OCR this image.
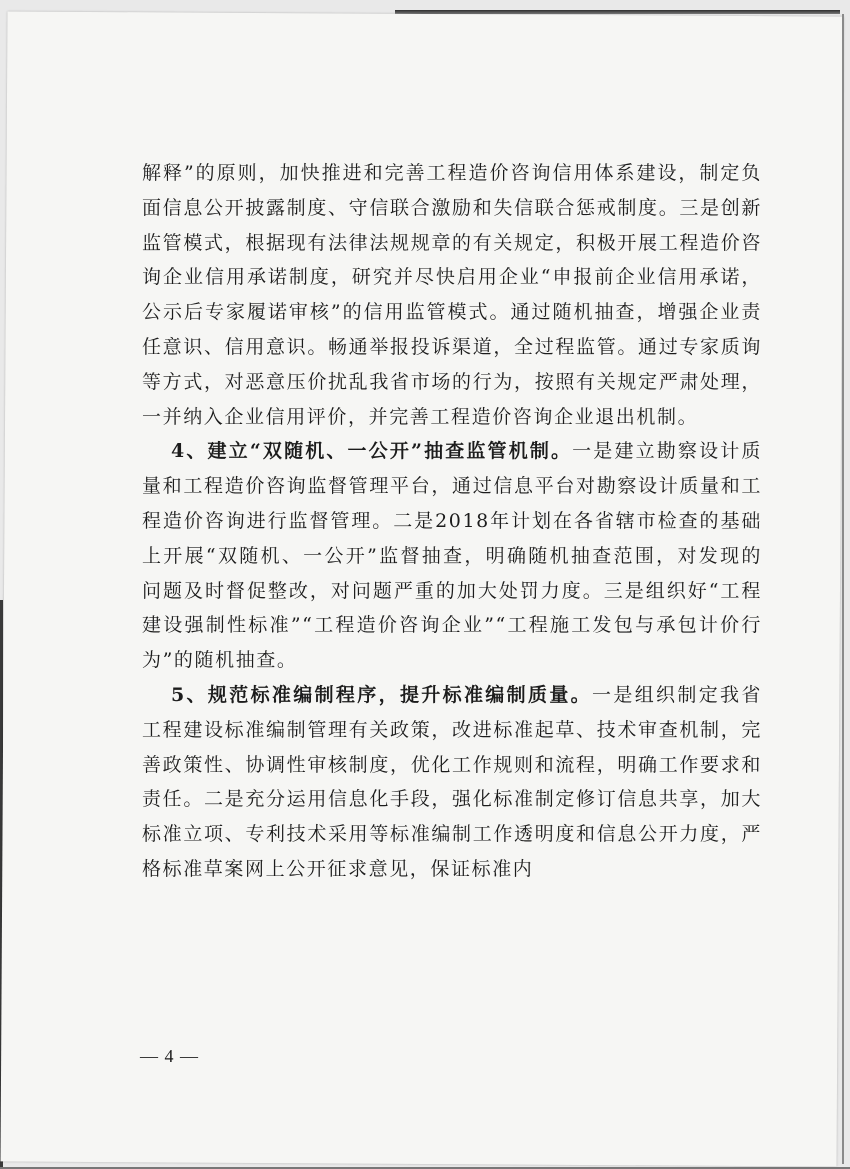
解释”的原则，加快推进和完善工程造价咨询信用体系建设，制定负面信息公开披露制度、守信联合激励和失信联合惩戒制度。三是创新监管模式，根据现有法律法规规章的有关规定，积极开展工程造价咨询企业信用承诺制度，研究并尽快启用企业“申报前企业信用承诺，公示后专家履诺审核”的信用监管模式。通过随机抽查，增强企业责任意识、信用意识。畅通举报投诉渠道，全过程监管。通过专家质询等方式，对恶意压价扰乱我省市场的行为，按照有关规定严肃处理，一并纳入企业信用评价，并完善工程造价咨询企业退出机制。

4、建立“双随机、一公开”抽查监管机制。一是建立勘察设计质量和工程造价咨询监督管理平台，通过信息平台对勘察设计质量和工程造价咨询进行监督管理。二是2018年计划在各省辖市检查的基础上开展“双随机、一公开”监督抽查，明确随机抽查范围，对发现的问题及时督促整改，对问题严重的加大处罚力度。三是组织好“工程建设强制性标准”“工程造价咨询企业”“工程施工发包与承包计价行为”的随机抽查。

5、规范标准编制程序，提升标准编制质量。一是组织制定我省工程建设标准编制管理有关政策，改进标准起草、技术审查机制，完善政策性、协调性审核制度，优化工作规则和流程，明确工作要求和责任。二是充分运用信息化手段，强化标准制定修订信息共享，加大标准立项、专利技术采用等标准编制工作透明度和信息公开力度，严格标准草案网上公开征求意见，保证标准内

— 4 —
